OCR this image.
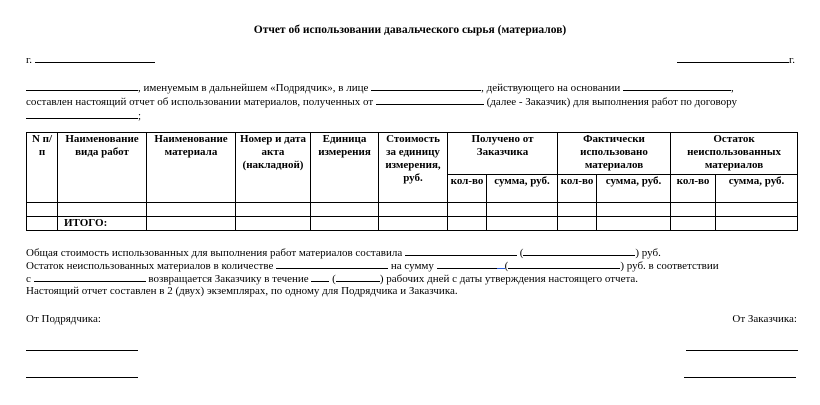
Отчет об использовании давальческого сырья (материалов)
г.	г.
, именуемым в дальнейшем «Подрядчик», в лице	, действующего на основании	,
составлен настоящий отчет об использовании материалов, полученных от	(далее - Заказчик) для выполнения работ по договору
;
N п/п	Наименование вида работ	Наименование материала	Номер и дата акта (накладной)	Единица измерения	Стоимость за единицу измерения, руб.	Получено от Заказчика		Фактически использовано материалов		Остаток неиспользованных материалов	
						кол-во	сумма, руб.	кол-во	сумма, руб.	кол-во	сумма, руб.

	ИТОГО:										
Общая стоимость использованных для выполнения работ материалов составила	(	) руб.
Остаток неиспользованных материалов в количестве	на сумму	(	) руб. в соответствии
с	возвращается Заказчику в течение (	) рабочих дней с даты утверждения настоящего отчета.
Настоящий отчет составлен в 2 (двух) экземплярах, по одному для Подрядчика и Заказчика.
От Подрядчика:	От Заказчика:
